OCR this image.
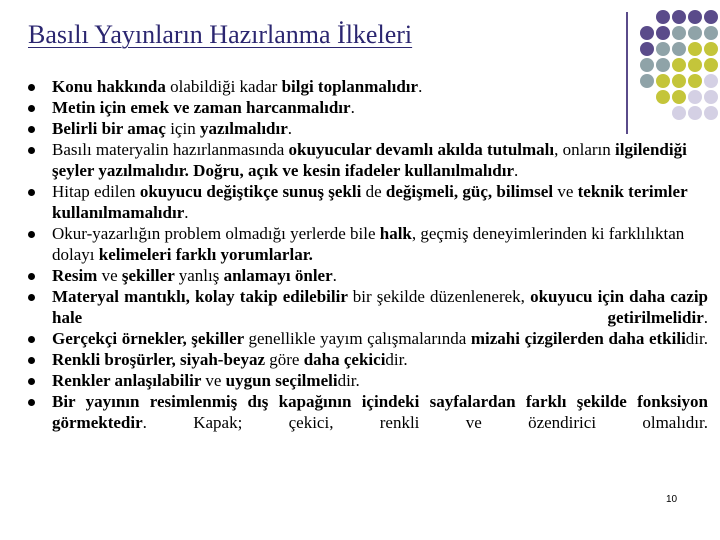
Basılı Yayınların Hazırlanma İlkeleri
Konu hakkında olabildiği kadar bilgi toplanmalıdır.
Metin için emek ve zaman harcanmalıdır.
Belirli bir amaç için yazılmalıdır.
Basılı materyalin hazırlanmasında okuyucular devamlı akılda tutulmalı, onların ilgilendiği şeyler yazılmalıdır. Doğru, açık ve kesin ifadeler kullanılmalıdır.
Hitap edilen okuyucu değiştikçe sunuş şekli de değişmeli, güç, bilimsel ve teknik terimler kullanılmamalıdır.
Okur-yazarlığın problem olmadığı yerlerde bile halk, geçmiş deneyimlerinden ki farklılıktan dolayı kelimeleri farklı yorumlarlar.
Resim ve şekiller yanlış anlamayı önler.
Materyal mantıklı, kolay takip edilebilir bir şekilde düzenlenerek, okuyucu için daha cazip hale getirilmelidir.
Gerçekçi örnekler, şekiller genellikle yayım çalışmalarında mizahi çizgilerden daha etkilidir.
Renkli broşürler, siyah-beyaz göre daha çekicidir.
Renkler anlaşılabilir ve uygun seçilmelidir.
Bir yayının resimlenmiş dış kapağının içindeki sayfalardan farklı şekilde fonksiyon görmektedir. Kapak; çekici, renkli ve özendirici olmalıdır.
10
